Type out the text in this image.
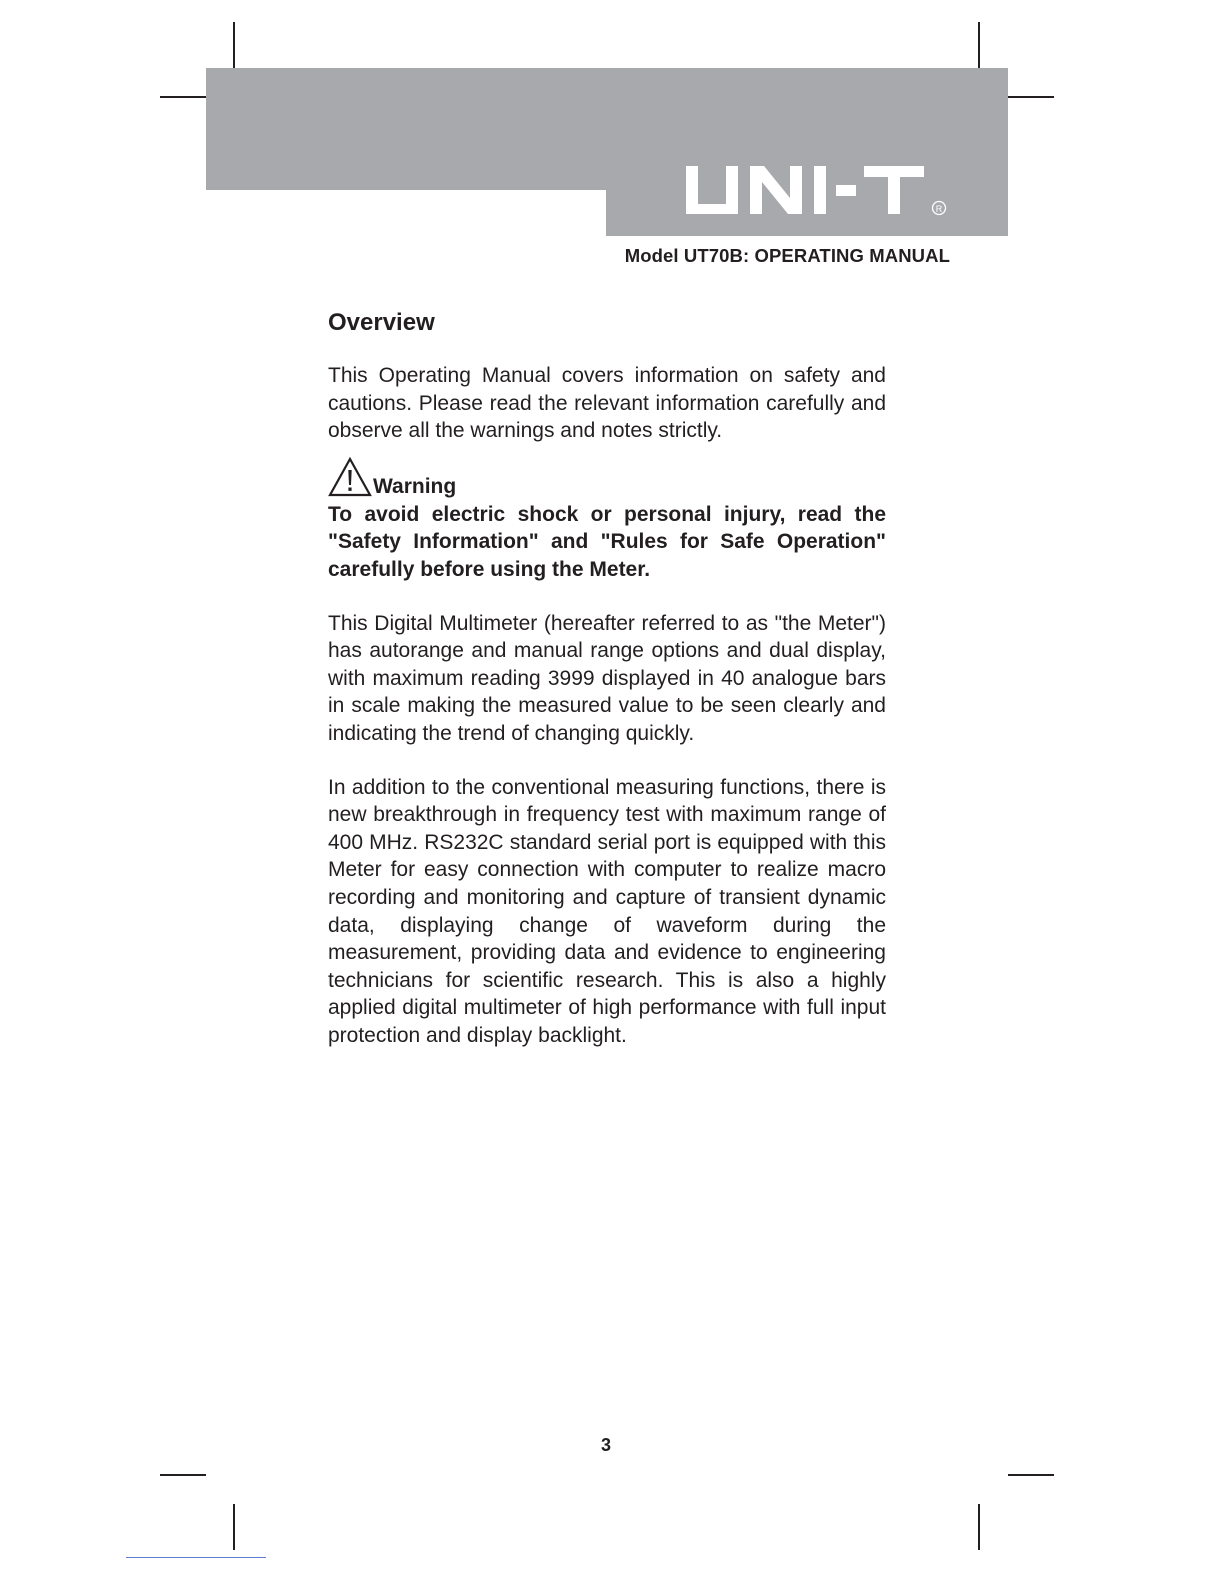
R
Model UT70B: OPERATING MANUAL
Overview

This Operating Manual covers information on safety and cautions. Please read the relevant information carefully and observe all the warnings and notes strictly.

Warning

To avoid electric shock or personal injury, read the "Safety Information" and "Rules for Safe Operation" carefully before using the Meter.

This Digital Multimeter (hereafter referred to as "the Meter") has autorange and manual range options and dual display, with maximum reading 3999 displayed in 40 analogue bars in scale making the measured value to be seen clearly and indicating the trend of changing quickly.

In addition to the conventional measuring functions, there is new breakthrough in frequency test with maximum range of 400 MHz. RS232C standard serial port is equipped with this Meter for easy connection with computer to realize macro recording and monitoring and capture of transient dynamic data, displaying change of waveform during the measurement, providing data and evidence to engineering technicians for scientific research. This is also a highly applied digital multimeter of high performance with full input protection and display backlight.

3
